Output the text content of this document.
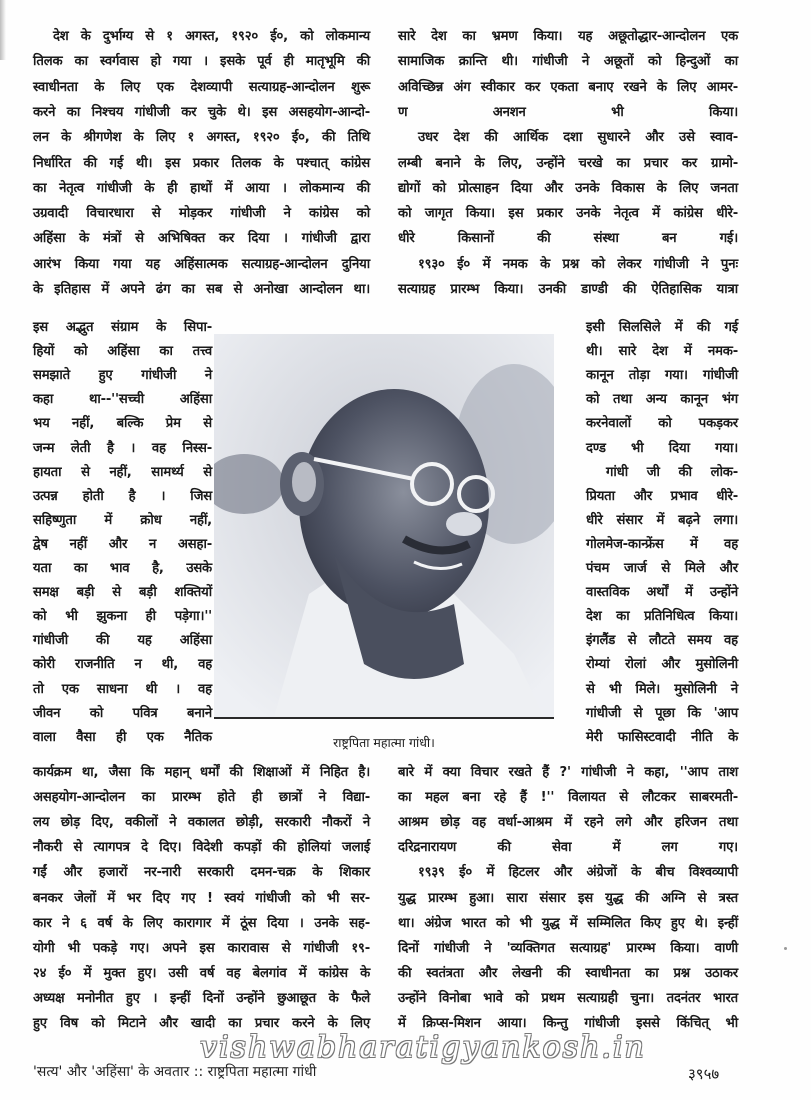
देश के दुर्भाग्य से १ अगस्त, १९२० ई०, को लोकमान्य
तिलक का स्वर्गवास हो गया । इसके पूर्व ही मातृभूमि की
स्वाधीनता के लिए एक देशव्यापी सत्याग्रह-आन्दोलन शुरू
करने का निश्चय गांधीजी कर चुके थे। इस असहयोग-आन्दो-
लन के श्रीगणेश के लिए १ अगस्त, १९२० ई०, की तिथि
निर्धारित की गई थी। इस प्रकार तिलक के पश्चात् कांग्रेस
का नेतृत्व गांधीजी के ही हाथों में आया । लोकमान्य की
उग्रवादी विचारधारा से मोड़कर गांधीजी ने कांग्रेस को
अहिंसा के मंत्रों से अभिषिक्त कर दिया । गांधीजी द्वारा
आरंभ किया गया यह अहिंसात्मक सत्याग्रह-आन्दोलन दुनिया
के इतिहास में अपने ढंग का सब से अनोखा आन्दोलन था।
इस अद्भुत संग्राम के सिपा-
हियों को अहिंसा का तत्त्व
समझाते हुए गांधीजी ने
कहा था--''सच्ची अहिंसा
भय नहीं, बल्कि प्रेम से
जन्म लेती है । वह निस्स-
हायता से नहीं, सामर्थ्य से
उत्पन्न होती है । जिस
सहिष्णुता में क्रोध नहीं,
द्वेष नहीं और न असहा-
यता का भाव है, उसके
समक्ष बड़ी से बड़ी शक्तियों
को भी झुकना ही पड़ेगा।''
गांधीजी की यह अहिंसा
कोरी राजनीति न थी, वह
तो एक साधना थी । वह
जीवन को पवित्र बनाने
वाला वैसा ही एक नैतिक
कार्यक्रम था, जैसा कि महान् धर्मों की शिक्षाओं में निहित है।
असहयोग-आन्दोलन का प्रारम्भ होते ही छात्रों ने विद्या-
लय छोड़ दिए, वकीलों ने वकालत छोड़ी, सरकारी नौकरों ने
नौकरी से त्यागपत्र दे दिए। विदेशी कपड़ों की होलियां जलाई
गईं और हजारों नर-नारी सरकारी दमन-चक्र के शिकार
बनकर जेलों में भर दिए गए ! स्वयं गांधीजी को भी सर-
कार ने ६ वर्ष के लिए कारागार में ठूंस दिया । उनके सह-
योगी भी पकड़े गए। अपने इस कारावास से गांधीजी १९-
२४ ई० में मुक्त हुए। उसी वर्ष वह बेलगांव में कांग्रेस के
अध्यक्ष मनोनीत हुए । इन्हीं दिनों उन्होंने छुआछूत के फैले
हुए विष को मिटाने और खादी का प्रचार करने के लिए
सारे देश का भ्रमण किया। यह अछूतोद्धार-आन्दोलन एक
सामाजिक क्रान्ति थी। गांधीजी ने अछूतों को हिन्दुओं का
अविच्छिन्न अंग स्वीकार कर एकता बनाए रखने के लिए आमर-
ण अनशन भी किया।
उधर देश की आर्थिक दशा सुधारने और उसे स्वाव-
लम्बी बनाने के लिए, उन्होंने चरखे का प्रचार कर ग्रामो-
द्योगों को प्रोत्साहन दिया और उनके विकास के लिए जनता
को जागृत किया। इस प्रकार उनके नेतृत्व में कांग्रेस धीरे-
धीरे किसानों की संस्था बन गई।
१९३० ई० में नमक के प्रश्न को लेकर गांधीजी ने पुनः
सत्याग्रह प्रारम्भ किया। उनकी डाण्डी की ऐतिहासिक यात्रा
इसी सिलसिले में की गई
थी। सारे देश में नमक-
कानून तोड़ा गया। गांधीजी
को तथा अन्य कानून भंग
करनेवालों को पकड़कर
दण्ड भी दिया गया।
गांधी जी की लोक-
प्रियता और प्रभाव धीरे-
धीरे संसार में बढ़ने लगा।
गोलमेज-कान्फ्रेंस में वह
पंचम जार्ज से मिले और
वास्तविक अर्थों में उन्होंने
देश का प्रतिनिधित्व किया।
इंगलैंड से लौटते समय वह
रोम्यां रोलां और मुसोलिनी
से भी मिले। मुसोलिनी ने
गांधीजी से पूछा कि 'आप
मेरी फासिस्टवादी नीति के
बारे में क्या विचार रखते हैं ?' गांधीजी ने कहा, ''आप ताश
का महल बना रहे हैं !'' विलायत से लौटकर साबरमती-
आश्रम छोड़ वह वर्धा-आश्रम में रहने लगे और हरिजन तथा
दरिद्रनारायण की सेवा में लग गए।
१९३९ ई० में हिटलर और अंग्रेजों के बीच विश्वव्यापी
युद्ध प्रारम्भ हुआ। सारा संसार इस युद्ध की अग्नि से त्रस्त
था। अंग्रेज भारत को भी युद्ध में सम्मिलित किए हुए थे। इन्हीं
दिनों गांधीजी ने 'व्यक्तिगत सत्याग्रह' प्रारम्भ किया। वाणी
की स्वतंत्रता और लेखनी की स्वाधीनता का प्रश्न उठाकर
उन्होंने विनोबा भावे को प्रथम सत्याग्रही चुना। तदनंतर भारत
में क्रिप्स-मिशन आया। किन्तु गांधीजी इससे किंचित् भी
राष्ट्रपिता महात्मा गांधी।
vishwabharatigyankosh.in
'सत्य' और 'अहिंसा' के अवतार :: राष्ट्रपिता महात्मा गांधी	३९५७
